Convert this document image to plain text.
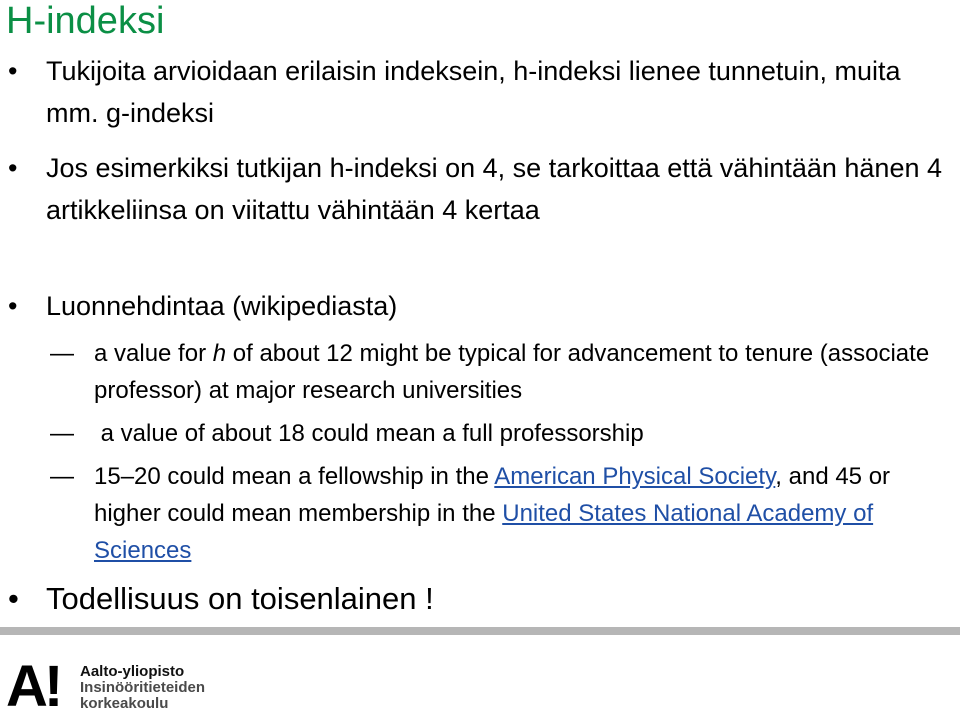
H-indeksi
• Tukijoita arvioidaan erilaisin indeksein, h-indeksi lienee tunnetuin, muita mm. g-indeksi
• Jos esimerkiksi tutkijan h-indeksi on 4, se tarkoittaa että vähintään hänen 4 artikkeliinsa on viitattu vähintään 4 kertaa
• Luonnehdintaa (wikipediasta)
— a value for h of about 12 might be typical for advancement to tenure (associate professor) at major research universities
— a value of about 18 could mean a full professorship
— 15–20 could mean a fellowship in the American Physical Society, and 45 or higher could mean membership in the United States National Academy of Sciences
• Todellisuus on toisenlainen !
A
! Aalto-yliopisto
Insinööritieteiden
korkeakoulu
